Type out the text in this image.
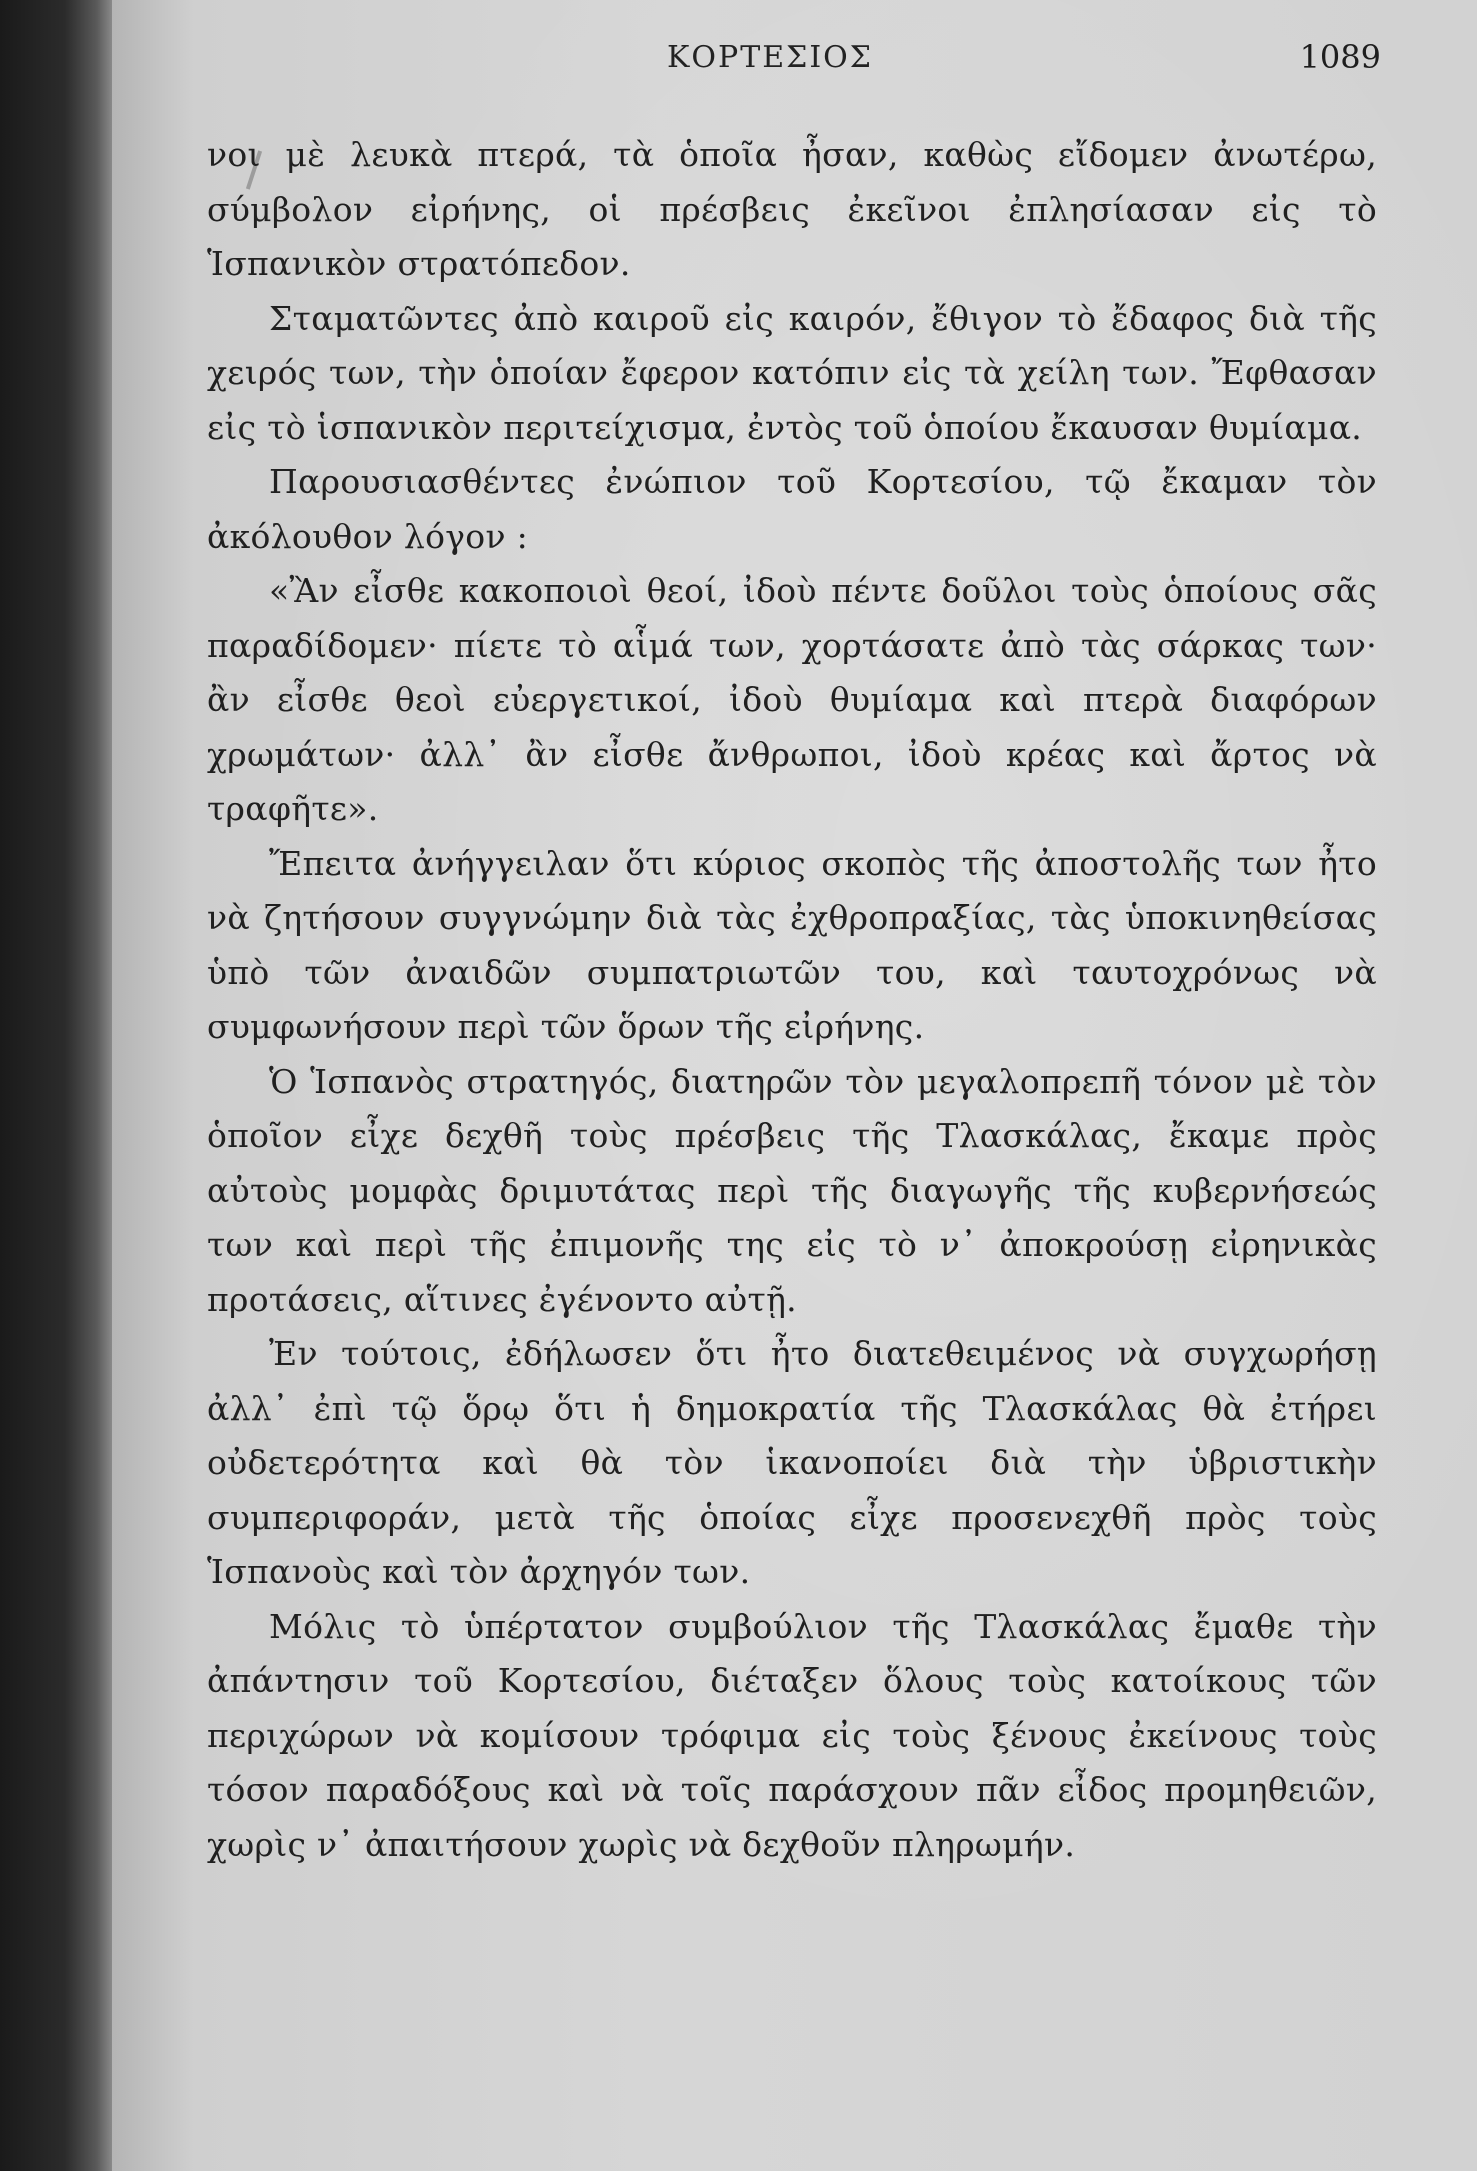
ΚΟΡΤΕΣΙΟΣ	1089

νοι μὲ λευκὰ πτερά, τὰ ὁποῖα ἦσαν, καθὼς εἴδομεν ἀνωτέρω, σύμβολον εἰρήνης, οἱ πρέσβεις ἐκεῖνοι ἐπλησίασαν εἰς τὸ Ἱσπανικὸν στρατόπεδον.

Σταματῶντες ἀπὸ καιροῦ εἰς καιρόν, ἔθιγον τὸ ἔδαφος διὰ τῆς χειρός των, τὴν ὁποίαν ἔφερον κατόπιν εἰς τὰ χείλη των. Ἔφθασαν εἰς τὸ ἱσπανικὸν περιτείχισμα, ἐντὸς τοῦ ὁποίου ἔκαυσαν θυμίαμα.

Παρουσιασθέντες ἐνώπιον τοῦ Κορτεσίου, τῷ ἔκαμαν τὸν ἀκόλουθον λόγον :

«Ἂν εἶσθε κακοποιοὶ θεοί, ἰδοὺ πέντε δοῦλοι τοὺς ὁποίους σᾶς παραδίδομεν· πίετε τὸ αἷμά των, χορτάσατε ἀπὸ τὰς σάρκας των· ἂν εἶσθε θεοὶ εὐεργετικοί, ἰδοὺ θυμίαμα καὶ πτερὰ διαφόρων χρωμάτων· ἀλλ᾽ ἂν εἶσθε ἄνθρωποι, ἰδοὺ κρέας καὶ ἄρτος νὰ τραφῆτε».

Ἔπειτα ἀνήγγειλαν ὅτι κύριος σκοπὸς τῆς ἀποστολῆς των ἦτο νὰ ζητήσουν συγγνώμην διὰ τὰς ἐχθροπραξίας, τὰς ὑποκινηθείσας ὑπὸ τῶν ἀναιδῶν συμπατριωτῶν του, καὶ ταυτοχρόνως νὰ συμφωνήσουν περὶ τῶν ὅρων τῆς εἰρήνης.

Ὁ Ἱσπανὸς στρατηγός, διατηρῶν τὸν μεγαλοπρεπῆ τόνον μὲ τὸν ὁποῖον εἶχε δεχθῆ τοὺς πρέσβεις τῆς Τλασκάλας, ἔκαμε πρὸς αὐτοὺς μομφὰς δριμυτάτας περὶ τῆς διαγωγῆς τῆς κυβερνήσεώς των καὶ περὶ τῆς ἐπιμονῆς της εἰς τὸ ν᾽ ἀποκρούσῃ εἰρηνικὰς προτάσεις, αἵτινες ἐγένοντο αὐτῇ.

Ἐν τούτοις, ἐδήλωσεν ὅτι ἦτο διατεθειμένος νὰ συγχωρήσῃ ἀλλ᾽ ἐπὶ τῷ ὅρῳ ὅτι ἡ δημοκρατία τῆς Τλασκάλας θὰ ἐτήρει οὐδετερότητα καὶ θὰ τὸν ἱκανοποίει διὰ τὴν ὑβριστικὴν συμπεριφοράν, μετὰ τῆς ὁποίας εἶχε προσενεχθῆ πρὸς τοὺς Ἱσπανοὺς καὶ τὸν ἀρχηγόν των.

Μόλις τὸ ὑπέρτατον συμβούλιον τῆς Τλασκάλας ἔμαθε τὴν ἀπάντησιν τοῦ Κορτεσίου, διέταξεν ὅλους τοὺς κατοίκους τῶν περιχώρων νὰ κομίσουν τρόφιμα εἰς τοὺς ξένους ἐκείνους τοὺς τόσον παραδόξους καὶ νὰ τοῖς παράσχουν πᾶν εἶδος προμηθειῶν, χωρὶς ν᾽ ἀπαιτήσουν χωρὶς νὰ δεχθοῦν πληρωμήν.
